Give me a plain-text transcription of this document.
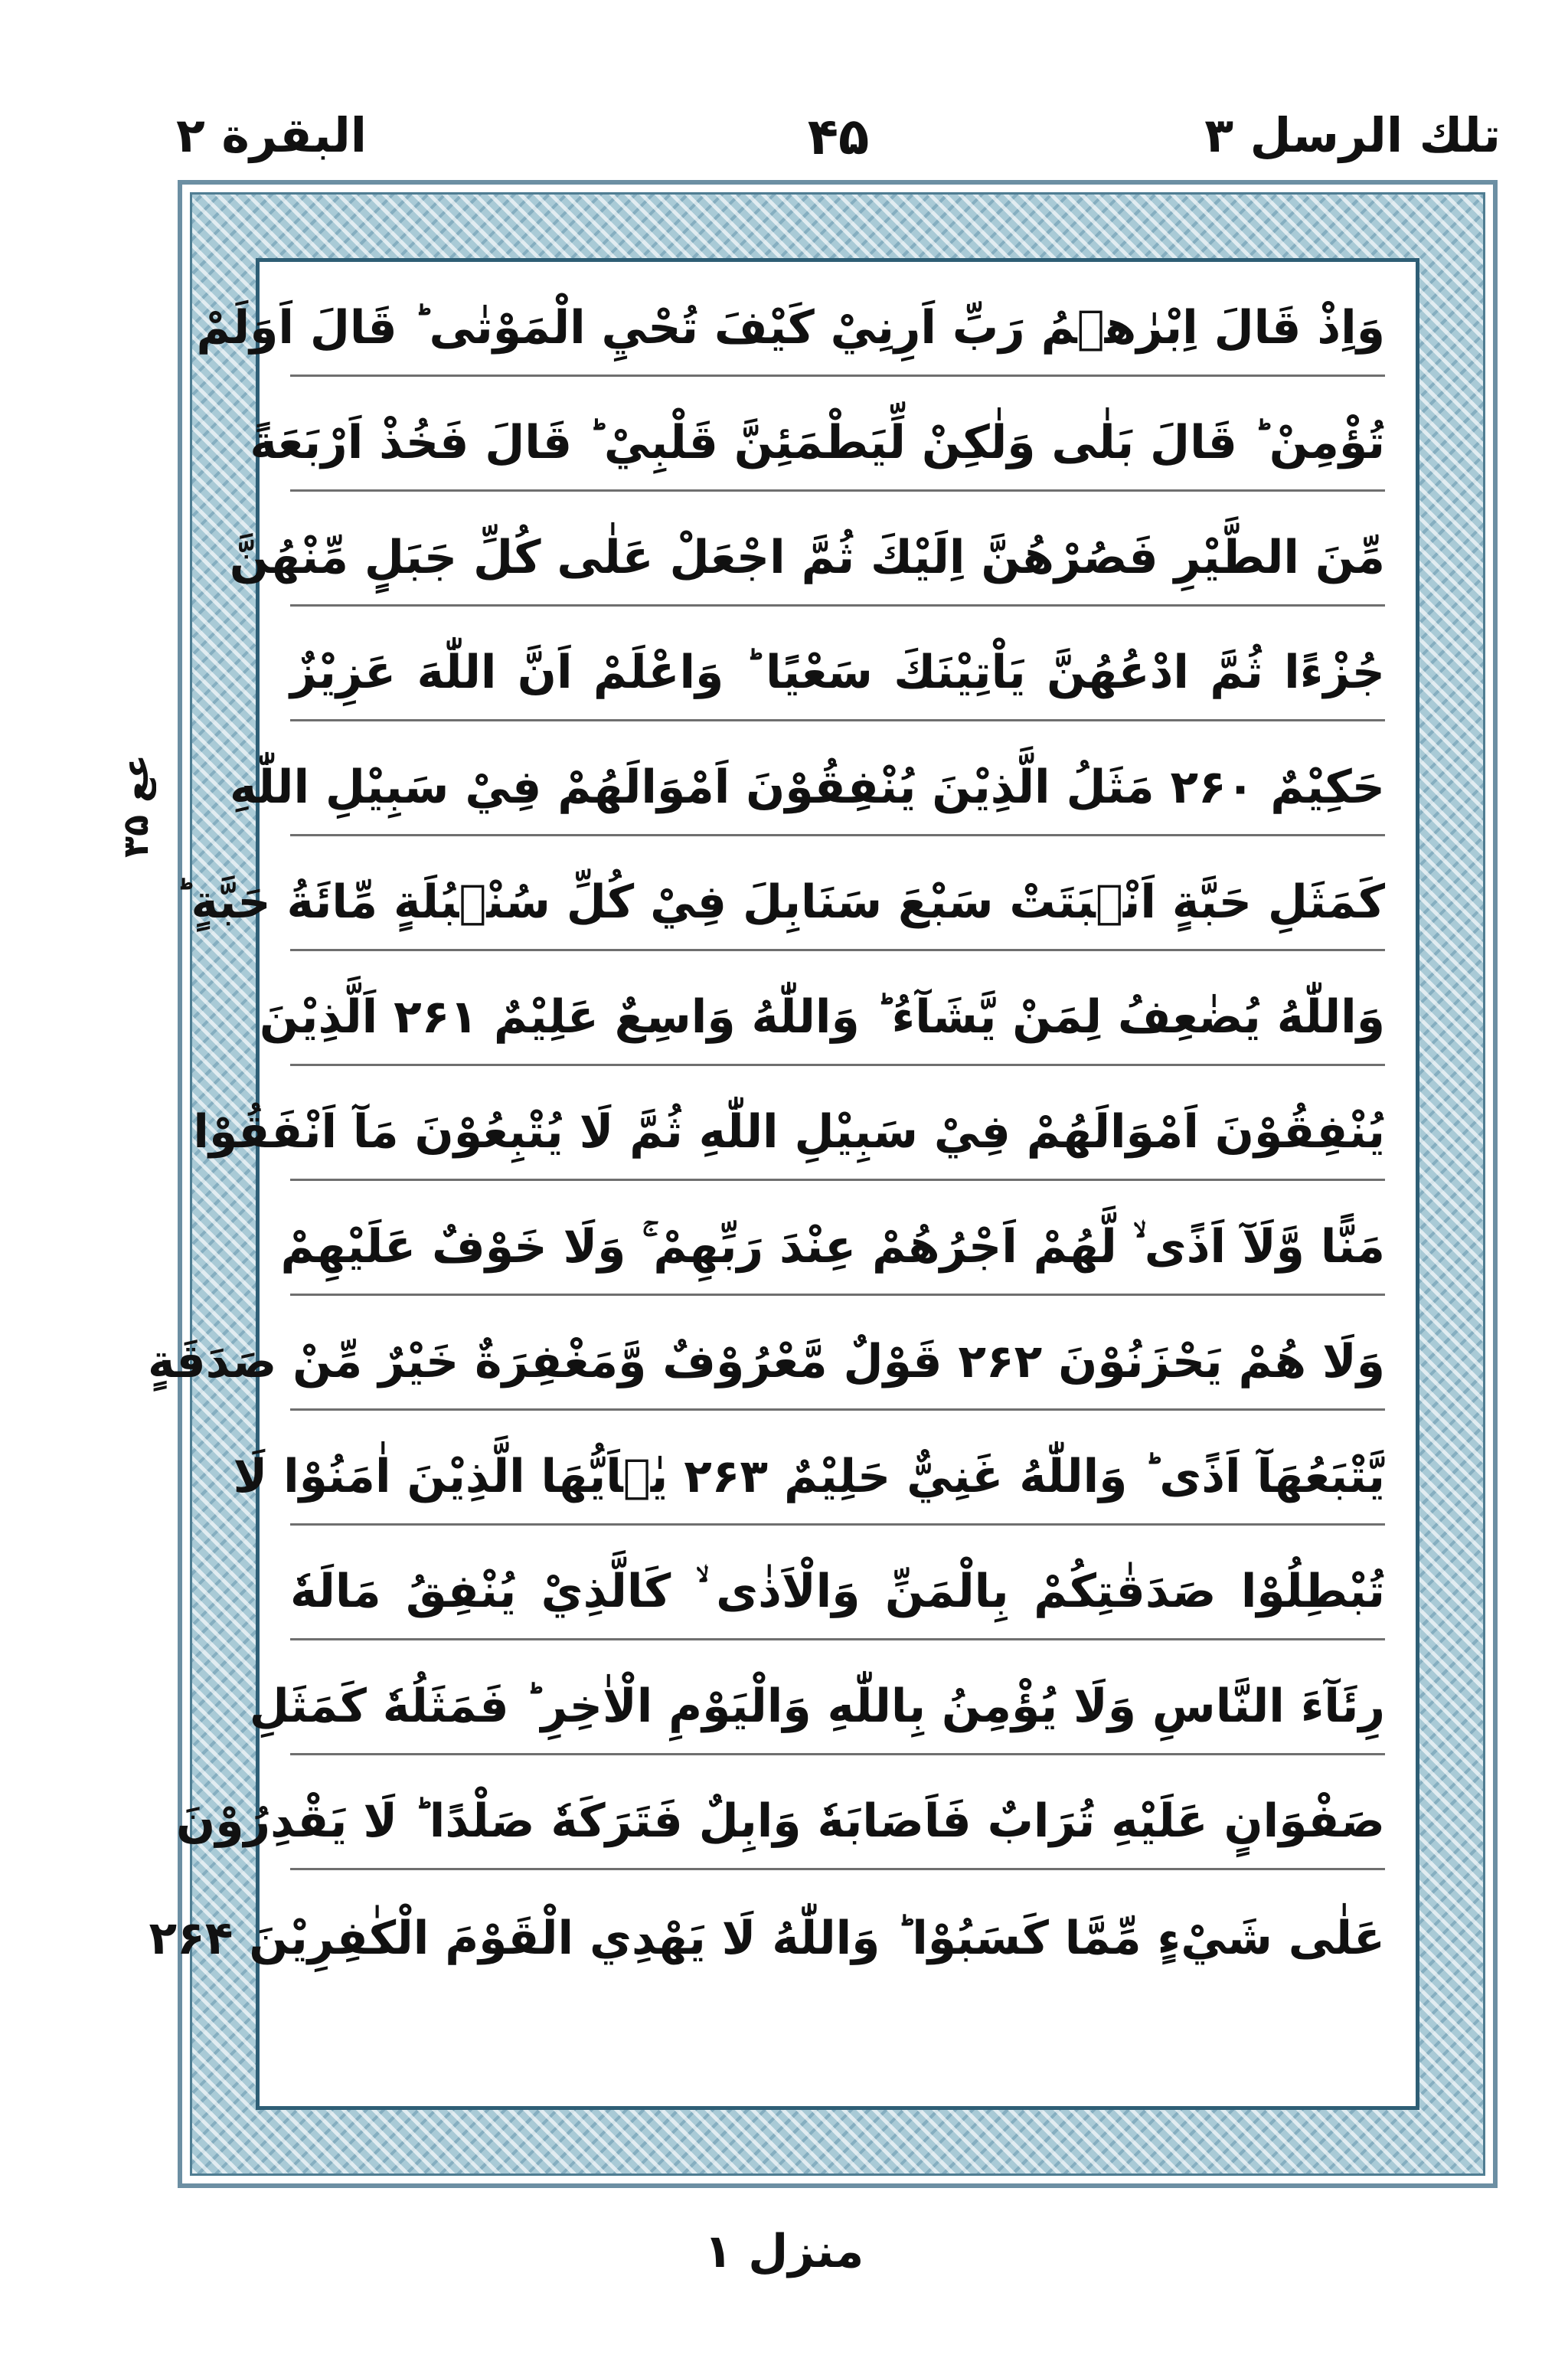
تلك الرسل ۳
۴۵
البقرة ۲
عع ۳۵
وَاِذْ قَالَ اِبْرٰهٖمُ رَبِّ اَرِنِيْ كَيْفَ تُحْيِ الْمَوْتٰى ؕ قَالَ اَوَلَمْ
تُؤْمِنْ ؕ قَالَ بَلٰى وَلٰكِنْ لِّيَطْمَئِنَّ قَلْبِيْ ؕ قَالَ فَخُذْ اَرْبَعَةً
مِّنَ الطَّيْرِ فَصُرْهُنَّ اِلَيْكَ ثُمَّ اجْعَلْ عَلٰى كُلِّ جَبَلٍ مِّنْهُنَّ
جُزْءًا ثُمَّ ادْعُهُنَّ يَاْتِيْنَكَ سَعْيًا ؕ وَاعْلَمْ اَنَّ اللّٰهَ عَزِيْزٌ
حَكِيْمٌ ۲۶۰ مَثَلُ الَّذِيْنَ يُنْفِقُوْنَ اَمْوَالَهُمْ فِيْ سَبِيْلِ اللّٰهِ
كَمَثَلِ حَبَّةٍ اَنْۢبَتَتْ سَبْعَ سَنَابِلَ فِيْ كُلِّ سُنْۢبُلَةٍ مِّائَةُ حَبَّةٍ ؕ
وَاللّٰهُ يُضٰعِفُ لِمَنْ يَّشَآءُ ؕ وَاللّٰهُ وَاسِعٌ عَلِيْمٌ ۲۶۱ اَلَّذِيْنَ
يُنْفِقُوْنَ اَمْوَالَهُمْ فِيْ سَبِيْلِ اللّٰهِ ثُمَّ لَا يُتْبِعُوْنَ مَآ اَنْفَقُوْا
مَنًّا وَّلَآ اَذًى ۙ لَّهُمْ اَجْرُهُمْ عِنْدَ رَبِّهِمْ ۚ وَلَا خَوْفٌ عَلَيْهِمْ
وَلَا هُمْ يَحْزَنُوْنَ ۲۶۲ قَوْلٌ مَّعْرُوْفٌ وَّمَغْفِرَةٌ خَيْرٌ مِّنْ صَدَقَةٍ
يَّتْبَعُهَآ اَذًى ؕ وَاللّٰهُ غَنِيٌّ حَلِيْمٌ ۲۶۳ يٰۤاَيُّهَا الَّذِيْنَ اٰمَنُوْا لَا
تُبْطِلُوْا صَدَقٰتِكُمْ بِالْمَنِّ وَالْاَذٰى ۙ كَالَّذِيْ يُنْفِقُ مَالَهٗ
رِئَآءَ النَّاسِ وَلَا يُؤْمِنُ بِاللّٰهِ وَالْيَوْمِ الْاٰخِرِ ؕ فَمَثَلُهٗ كَمَثَلِ
صَفْوَانٍ عَلَيْهِ تُرَابٌ فَاَصَابَهٗ وَابِلٌ فَتَرَكَهٗ صَلْدًا ؕ لَا يَقْدِرُوْنَ
عَلٰى شَيْءٍ مِّمَّا كَسَبُوْا ؕ وَاللّٰهُ لَا يَهْدِي الْقَوْمَ الْكٰفِرِيْنَ ۲۶۴
منزل ۱
